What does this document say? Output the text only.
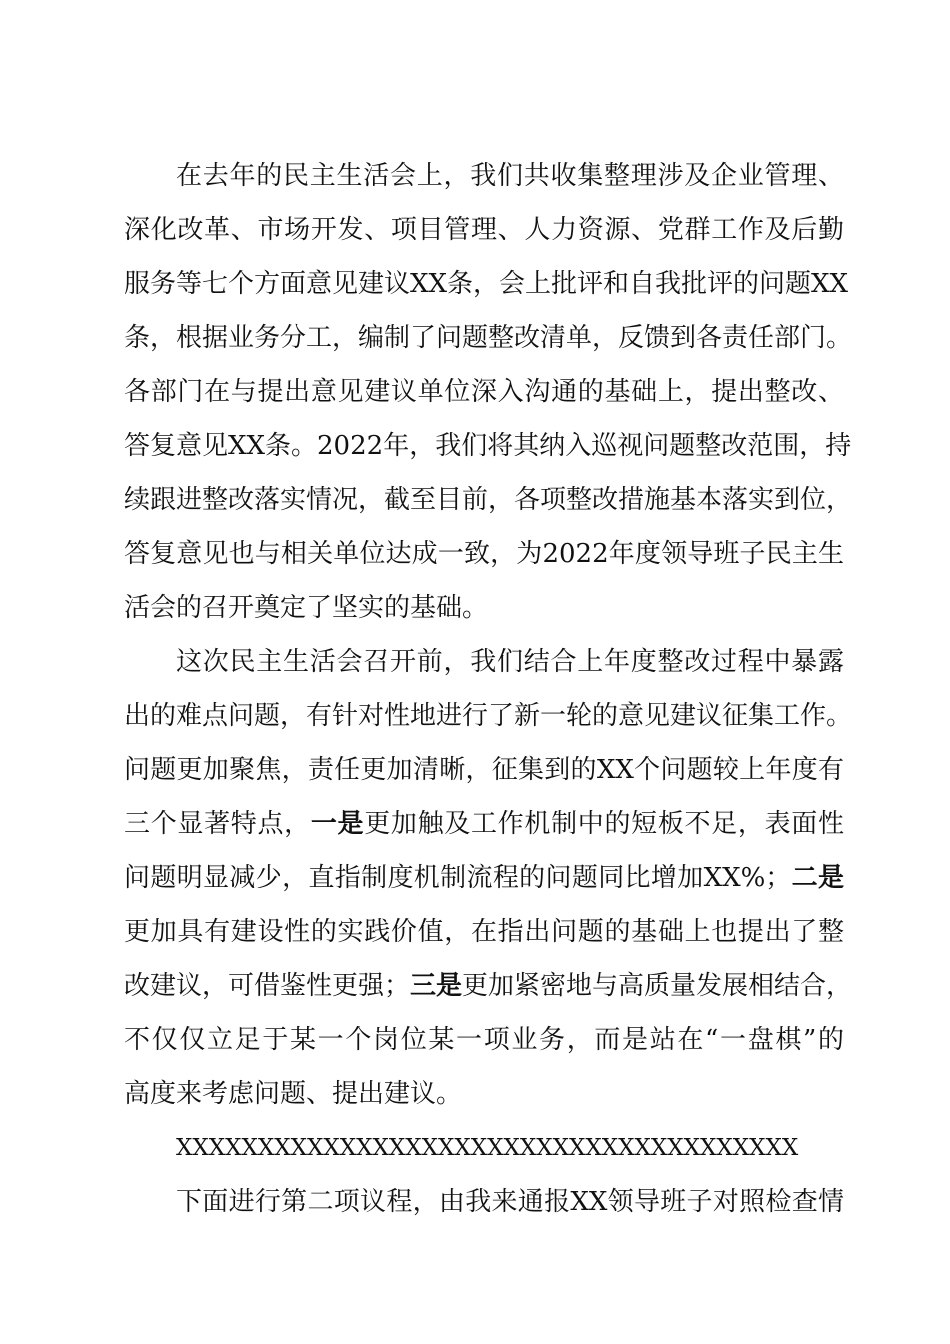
在去年的民主生活会上，我们共收集整理涉及企业管理、
深化改革、市场开发、项目管理、人力资源、党群工作及后勤
服务等七个方面意见建议XX条，会上批评和自我批评的问题XX
条，根据业务分工，编制了问题整改清单，反馈到各责任部门。
各部门在与提出意见建议单位深入沟通的基础上，提出整改、
答复意见XX条。2022年，我们将其纳入巡视问题整改范围，持
续跟进整改落实情况，截至目前，各项整改措施基本落实到位，
答复意见也与相关单位达成一致，为2022年度领导班子民主生
活会的召开奠定了坚实的基础。
这次民主生活会召开前，我们结合上年度整改过程中暴露
出的难点问题，有针对性地进行了新一轮的意见建议征集工作。
问题更加聚焦，责任更加清晰，征集到的XX个问题较上年度有
三个显著特点，一是更加触及工作机制中的短板不足，表面性
问题明显减少，直指制度机制流程的问题同比增加XX%；二是
更加具有建设性的实践价值，在指出问题的基础上也提出了整
改建议，可借鉴性更强；三是更加紧密地与高质量发展相结合，
不仅仅立足于某一个岗位某一项业务，而是站在“一盘棋”的
高度来考虑问题、提出建议。
XXXXXXXXXXXXXXXXXXXXXXXXXXXXXXXXXXXXXX
下面进行第二项议程，由我来通报XX领导班子对照检查情
